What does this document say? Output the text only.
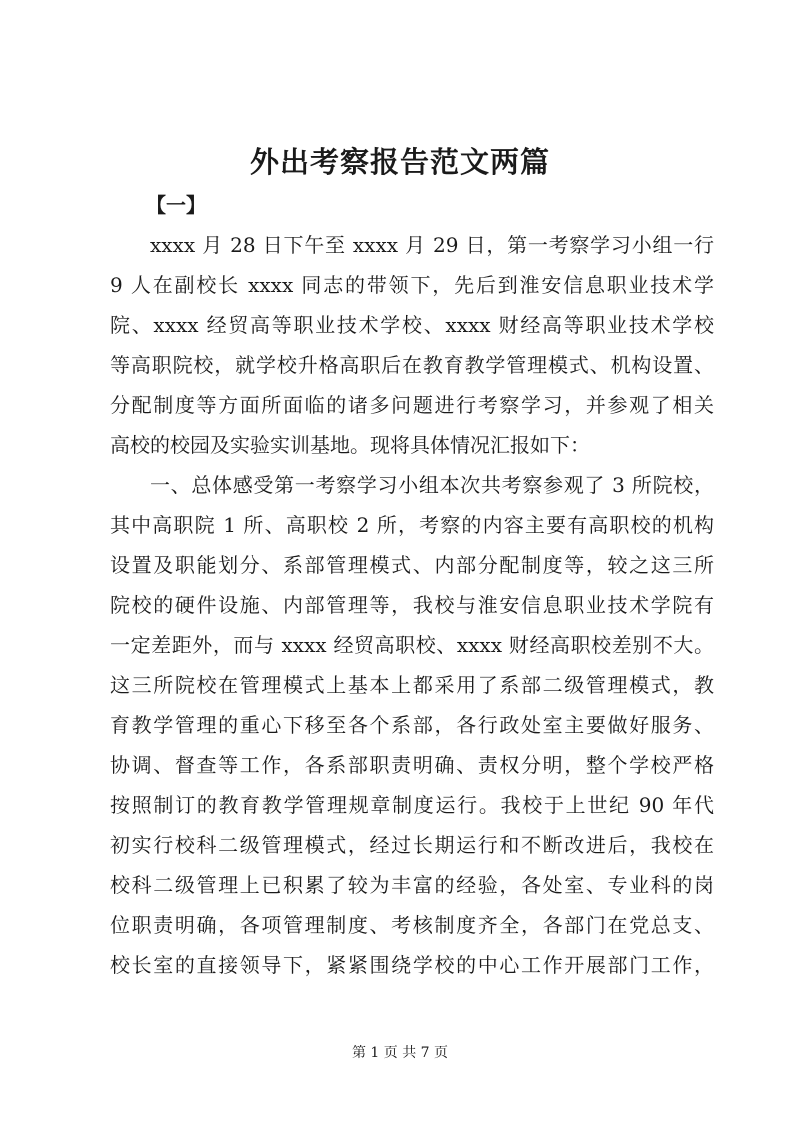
外出考察报告范文两篇
【一】
xxxx 月 28 日下午至 xxxx 月 29 日，第一考察学习小组一行
9 人在副校长 xxxx 同志的带领下，先后到淮安信息职业技术学
院、xxxx 经贸高等职业技术学校、xxxx 财经高等职业技术学校
等高职院校，就学校升格高职后在教育教学管理模式、机构设置、
分配制度等方面所面临的诸多问题进行考察学习，并参观了相关
高校的校园及实验实训基地。现将具体情况汇报如下：
一、总体感受第一考察学习小组本次共考察参观了 3 所院校，
其中高职院 1 所、高职校 2 所，考察的内容主要有高职校的机构
设置及职能划分、系部管理模式、内部分配制度等，较之这三所
院校的硬件设施、内部管理等，我校与淮安信息职业技术学院有
一定差距外，而与 xxxx 经贸高职校、xxxx 财经高职校差别不大。
这三所院校在管理模式上基本上都采用了系部二级管理模式，教
育教学管理的重心下移至各个系部，各行政处室主要做好服务、
协调、督查等工作，各系部职责明确、责权分明，整个学校严格
按照制订的教育教学管理规章制度运行。我校于上世纪 90 年代
初实行校科二级管理模式，经过长期运行和不断改进后，我校在
校科二级管理上已积累了较为丰富的经验，各处室、专业科的岗
位职责明确，各项管理制度、考核制度齐全，各部门在党总支、
校长室的直接领导下，紧紧围绕学校的中心工作开展部门工作，
第 1 页 共 7 页
